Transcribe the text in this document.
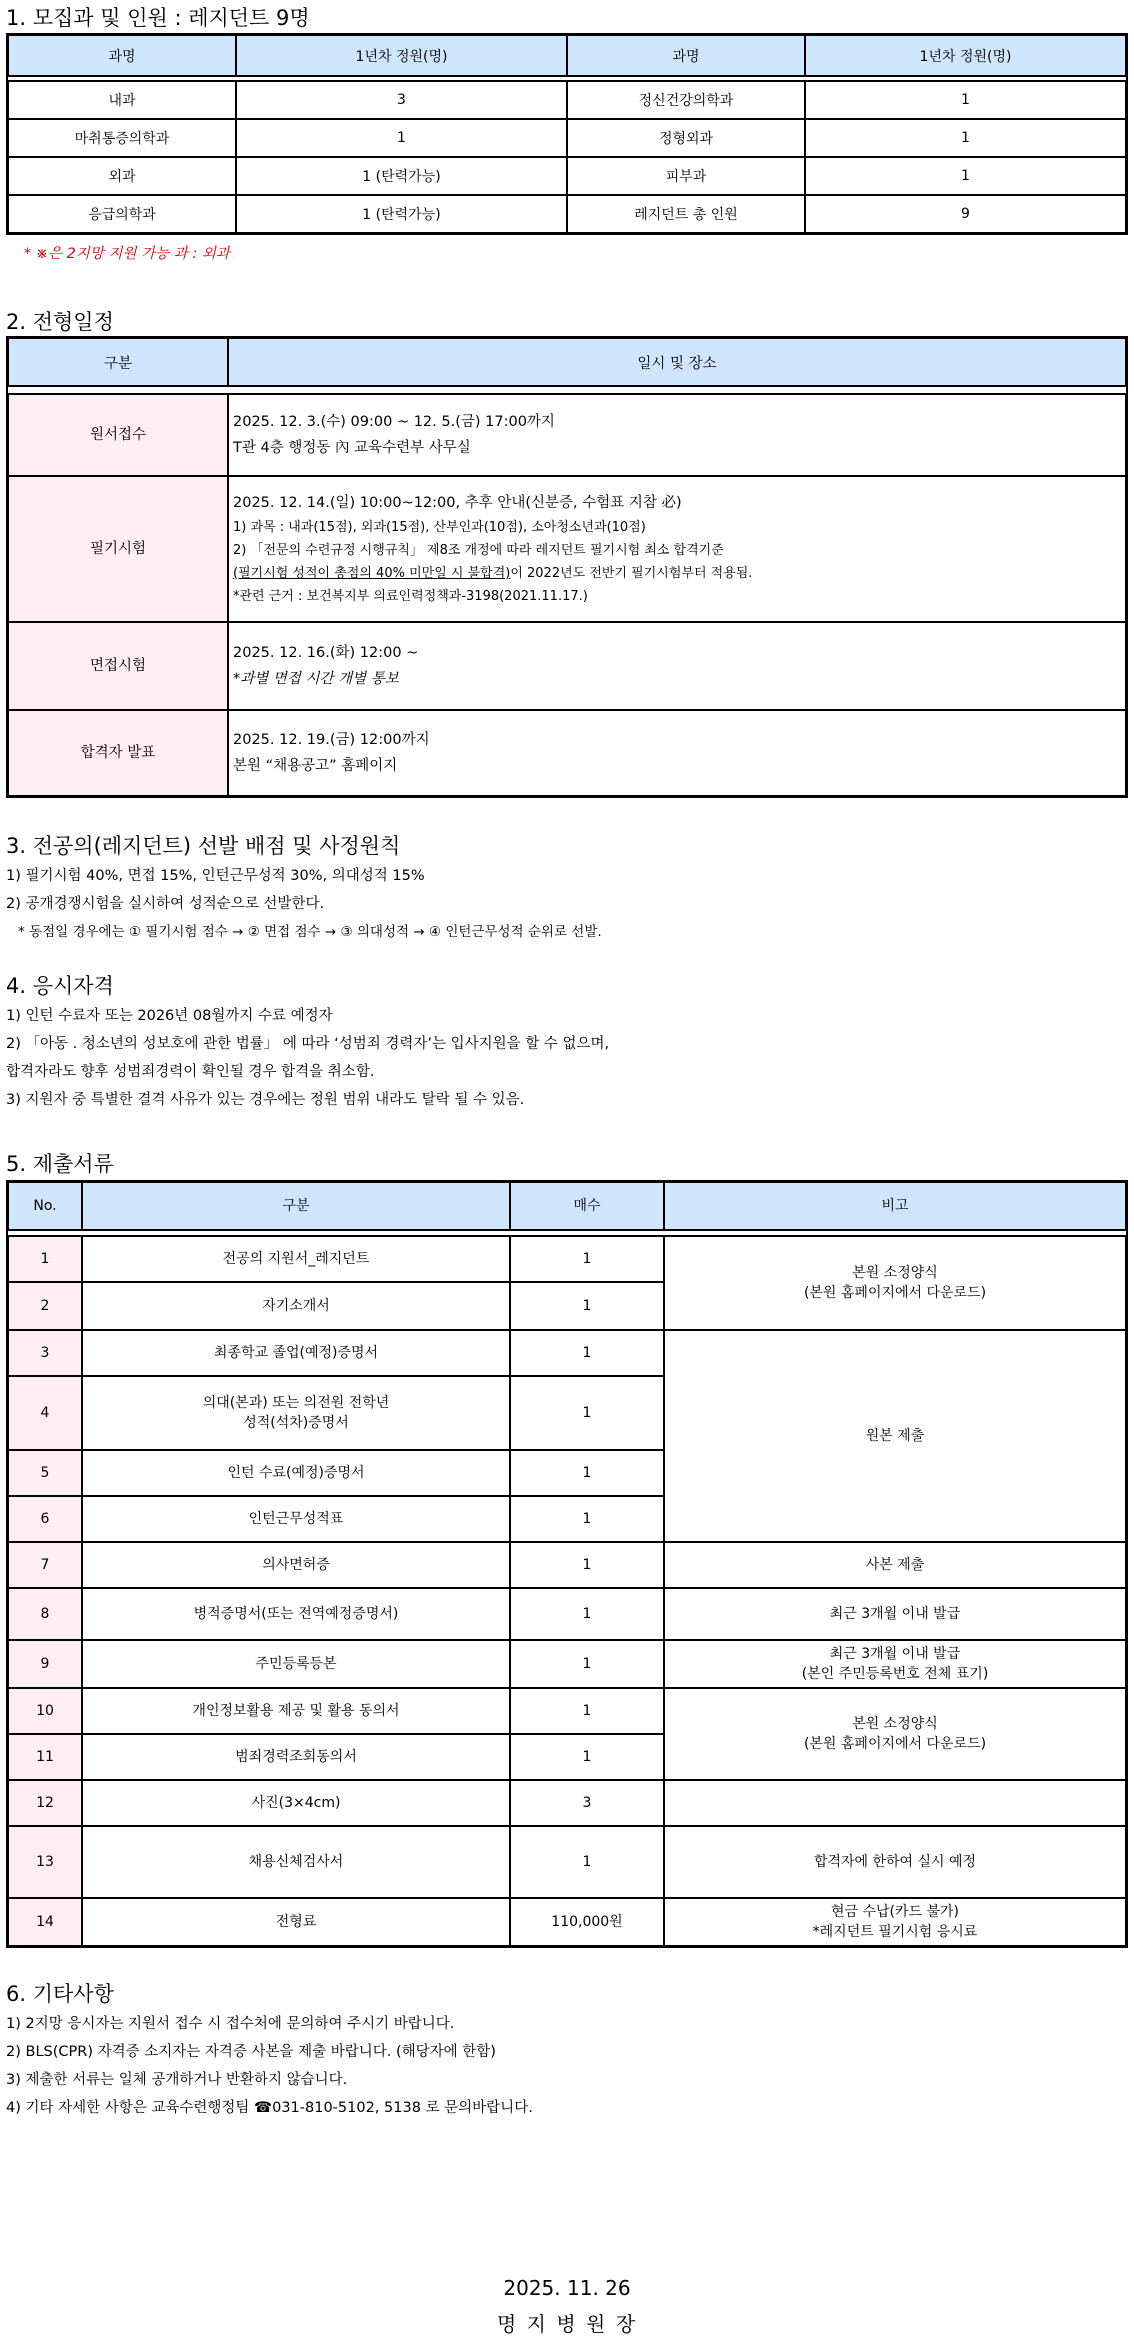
1. 모집과 및 인원 : 레지던트 9명

과명	1년차 정원(명)	과명	1년차 정원(명)

내과	3	정신건강의학과	1
마취통증의학과	1	정형외과	1
외과	1 (탄력가능)	피부과	1
응급의학과	1 (탄력가능)	레지던트 총 인원	9
* ※은 2지망 지원 가능 과 : 외과

2. 전형일정

구분	일시 및 장소

원서접수	2025. 12. 3.(수) 09:00 ~ 12. 5.(금) 17:00까지
T관 4층 행정동 內 교육수련부 사무실

필기시험	2025. 12. 14.(일) 10:00~12:00, 추후 안내(신분증, 수험표 지참 必)
1) 과목 : 내과(15점), 외과(15점), 산부인과(10점), 소아청소년과(10점)
2) 「전문의 수련규정 시행규칙」 제8조 개정에 따라 레지던트 필기시험 최소 합격기준
(필기시험 성적이 총점의 40% 미만일 시 불합격)이 2022년도 전반기 필기시험부터 적용됨.
*관련 근거 : 보건복지부 의료인력정책과-3198(2021.11.17.)

면접시험	2025. 12. 16.(화) 12:00 ~
*과별 면접 시간 개별 통보

합격자 발표	2025. 12. 19.(금) 12:00까지
본원 “채용공고” 홈페이지

3. 전공의(레지던트) 선발 배점 및 사정원칙

1) 필기시험 40%, 면접 15%, 인턴근무성적 30%, 의대성적 15%
2) 공개경쟁시험을 실시하여 성적순으로 선발한다.
* 동점일 경우에는 ① 필기시험 점수 → ② 면접 점수 → ③ 의대성적 → ④ 인턴근무성적 순위로 선발.

4. 응시자격

1) 인턴 수료자 또는 2026년 08월까지 수료 예정자
2) 「아동 . 청소년의 성보호에 관한 법률」 에 따라 ‘성범죄 경력자’는 입사지원을 할 수 없으며,
합격자라도 향후 성범죄경력이 확인될 경우 합격을 취소함.
3) 지원자 중 특별한 결격 사유가 있는 경우에는 정원 범위 내라도 탈락 될 수 있음.

5. 제출서류

No.	구분	매수	비고

1	전공의 지원서_레지던트	1	본원 소정양식
(본원 홈페이지에서 다운로드)

2	자기소개서	1	
3	최종학교 졸업(예정)증명서	1	원본 제출
4	의대(본과) 또는 의전원 전학년
성적(석차)증명서	1	
5	인턴 수료(예정)증명서	1	
6	인턴근무성적표	1	
7	의사면허증	1	사본 제출
8	병적증명서(또는 전역예정증명서)	1	최근 3개월 이내 발급
9	주민등록등본	1	최근 3개월 이내 발급
(본인 주민등록번호 전체 표기)

10	개인정보활용 제공 및 활용 동의서	1	본원 소정양식
(본원 홈페이지에서 다운로드)

11	범죄경력조회동의서	1	
12	사진(3×4cm)	3	
13	채용신체검사서	1	합격자에 한하여 실시 예정
14	전형료	110,000원	현금 수납(카드 불가)
*레지던트 필기시험 응시료

6. 기타사항

1) 2지망 응시자는 지원서 접수 시 접수처에 문의하여 주시기 바랍니다.
2) BLS(CPR) 자격증 소지자는 자격증 사본을 제출 바랍니다. (해당자에 한함)
3) 제출한 서류는 일체 공개하거나 반환하지 않습니다.
4) 기타 자세한 사항은 교육수련행정팀 ☎031-810-5102, 5138 로 문의바랍니다.
2025. 11. 26
명 지 병 원 장
